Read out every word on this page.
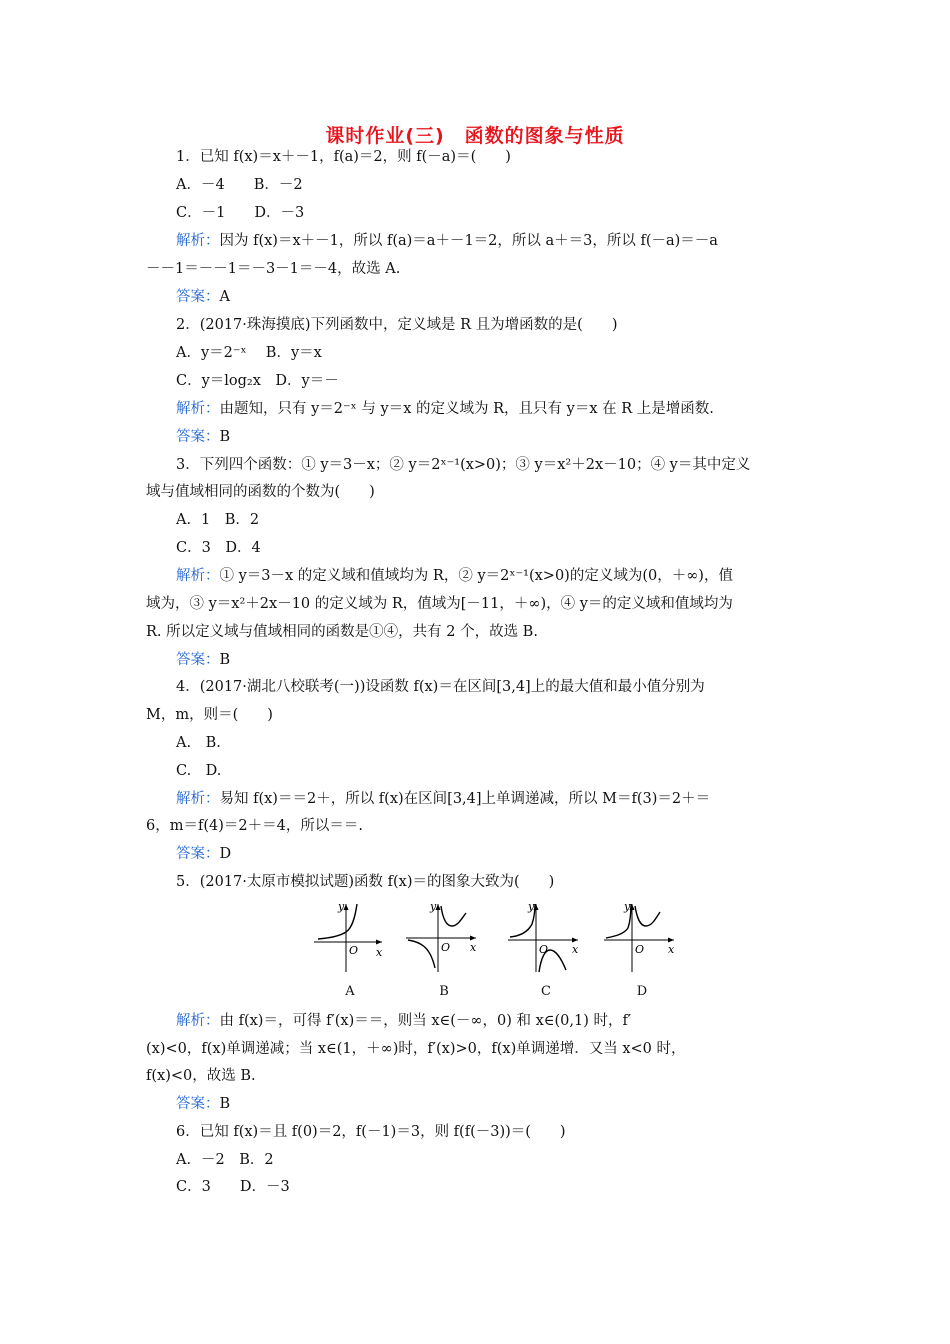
课时作业(三)　函数的图象与性质
1．已知 f(x)＝x＋－1，f(a)＝2，则 f(－a)＝(　　)
A．－4　　B．－2
C．－1　　D．－3
解析：因为 f(x)＝x＋－1，所以 f(a)＝a＋－1＝2，所以 a＋＝3，所以 f(－a)＝－a
－－1＝－－1＝－3－1＝－4，故选 A.
答案：A
2．(2017·珠海摸底)下列函数中，定义域是 R 且为增函数的是(　　)
A．y＝2⁻ˣ　 B．y＝x
C．y＝log₂x　D．y＝－
解析：由题知，只有 y＝2⁻ˣ 与 y＝x 的定义域为 R，且只有 y＝x 在 R 上是增函数.
答案：B
3．下列四个函数：① y＝3－x；② y＝2ˣ⁻¹(x>0)；③ y＝x²＋2x－10；④ y＝其中定义
域与值域相同的函数的个数为(　　)
A．1　B．2
C．3　D．4
解析：① y＝3－x 的定义域和值域均为 R，② y＝2ˣ⁻¹(x>0)的定义域为(0，＋∞)，值
域为，③ y＝x²＋2x－10 的定义域为 R，值域为[－11，＋∞)，④ y＝的定义域和值域均为
R. 所以定义域与值域相同的函数是①④，共有 2 个，故选 B.
答案：B
4．(2017·湖北八校联考(一))设函数 f(x)＝在区间[3,4]上的最大值和最小值分别为
M，m，则＝(　　)
A.　B.
C.　D.
解析：易知 f(x)＝＝2＋，所以 f(x)在区间[3,4]上单调递减，所以 M＝f(3)＝2＋＝
6，m＝f(4)＝2＋＝4，所以＝＝.
答案：D
5．(2017·太原市模拟试题)函数 f(x)＝的图象大致为(　　)
y
x
O
A
y
x
O
B
y
x
O
C
y
x
O
D
解析：由 f(x)＝，可得 f′(x)＝＝，则当 x∈(－∞，0) 和 x∈(0,1) 时，f′
(x)<0，f(x)单调递减；当 x∈(1，＋∞)时，f′(x)>0，f(x)单调递增．又当 x<0 时，
f(x)<0，故选 B.
答案：B
6．已知 f(x)＝且 f(0)＝2，f(－1)＝3，则 f(f(－3))＝(　　)
A．－2　B．2
C．3　　D．－3
